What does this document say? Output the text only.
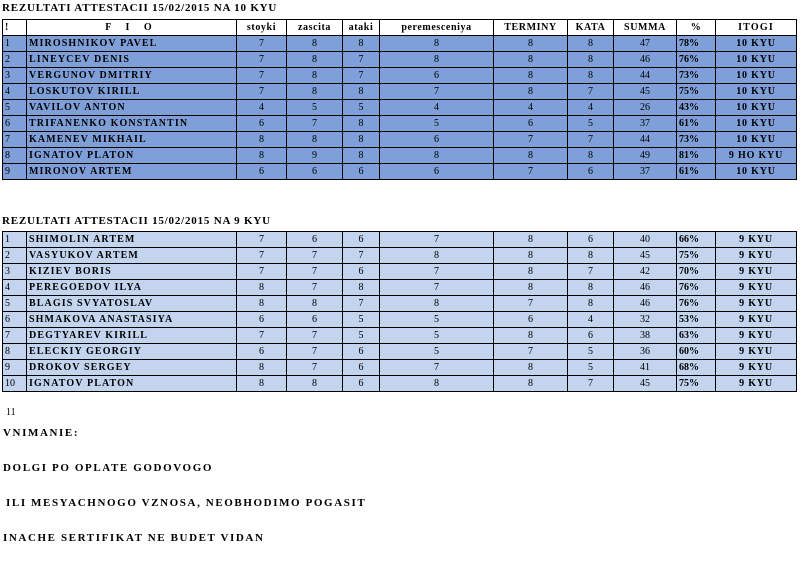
REZULTATI ATTESTACII 15/02/2015 NA 10 KYU
!	F I O	stoyki	zascita	ataki	peremesceniya	TERMINY	KATA	SUMMA	%	ITOGI
1	MIROSHNIKOV PAVEL	7	8	8	8	8	8	47	78%	10 KYU
2	LINEYCEV DENIS	7	8	7	8	8	8	46	76%	10 KYU
3	VERGUNOV DMITRIY	7	8	7	6	8	8	44	73%	10 KYU
4	LOSKUTOV KIRILL	7	8	8	7	8	7	45	75%	10 KYU
5	VAVILOV ANTON	4	5	5	4	4	4	26	43%	10 KYU
6	TRIFANENKO KONSTANTIN	6	7	8	5	6	5	37	61%	10 KYU
7	KAMENEV MIKHAIL	8	8	8	6	7	7	44	73%	10 KYU
8	IGNATOV PLATON	8	9	8	8	8	8	49	81%	9 HO KYU
9	MIRONOV ARTEM	6	6	6	6	7	6	37	61%	10 KYU
REZULTATI ATTESTACII 15/02/2015 NA 9 KYU
1	SHIMOLIN ARTEM	7	6	6	7	8	6	40	66%	9 KYU
2	VASYUKOV ARTEM	7	7	7	8	8	8	45	75%	9 KYU
3	KIZIEV BORIS	7	7	6	7	8	7	42	70%	9 KYU
4	PEREGOEDOV ILYA	8	7	8	7	8	8	46	76%	9 KYU
5	BLAGIS SVYATOSLAV	8	8	7	8	7	8	46	76%	9 KYU
6	SHMAKOVA ANASTASIYA	6	6	5	5	6	4	32	53%	9 KYU
7	DEGTYAREV KIRILL	7	7	5	5	8	6	38	63%	9 KYU
8	ELECKIY GEORGIY	6	7	6	5	7	5	36	60%	9 KYU
9	DROKOV SERGEY	8	7	6	7	8	5	41	68%	9 KYU
10	IGNATOV PLATON	8	8	6	8	8	7	45	75%	9 KYU
11
VNIMANIE:
DOLGI PO OPLATE GODOVOGO
ILI MESYACHNOGO VZNOSA, NEOBHODIMO POGASIT
INACHE SERTIFIKAT NE BUDET VIDAN
